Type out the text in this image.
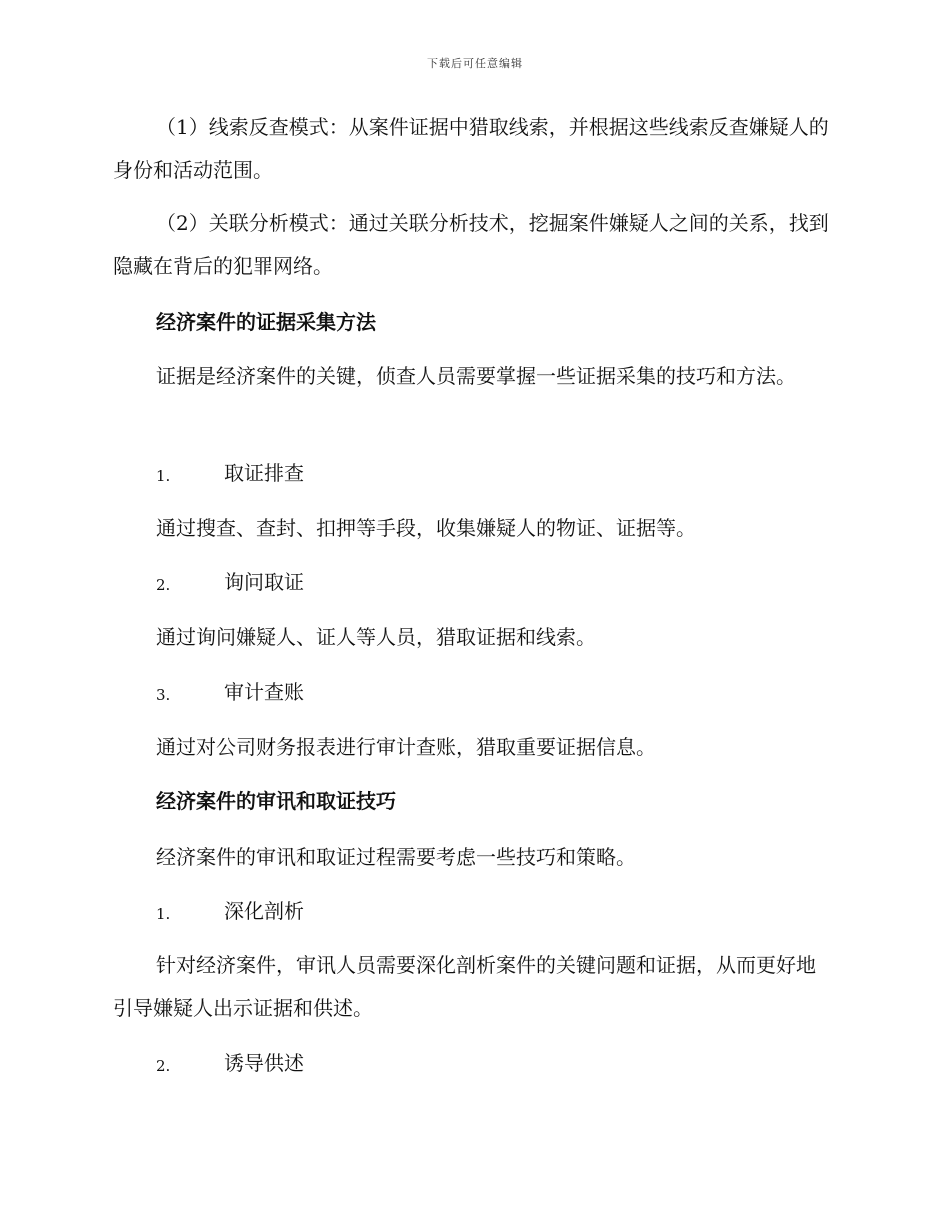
下载后可任意编辑
（1）线索反查模式：从案件证据中猎取线索，并根据这些线索反查嫌疑人的身份和活动范围。
（2）关联分析模式：通过关联分析技术，挖掘案件嫌疑人之间的关系，找到隐藏在背后的犯罪网络。
经济案件的证据采集方法
证据是经济案件的关键，侦查人员需要掌握一些证据采集的技巧和方法。
1.	取证排查
通过搜查、查封、扣押等手段，收集嫌疑人的物证、证据等。
2.	询问取证
通过询问嫌疑人、证人等人员，猎取证据和线索。
3.	审计查账
通过对公司财务报表进行审计查账，猎取重要证据信息。
经济案件的审讯和取证技巧
经济案件的审讯和取证过程需要考虑一些技巧和策略。
1.	深化剖析
针对经济案件，审讯人员需要深化剖析案件的关键问题和证据，从而更好地引导嫌疑人出示证据和供述。
2.	诱导供述
